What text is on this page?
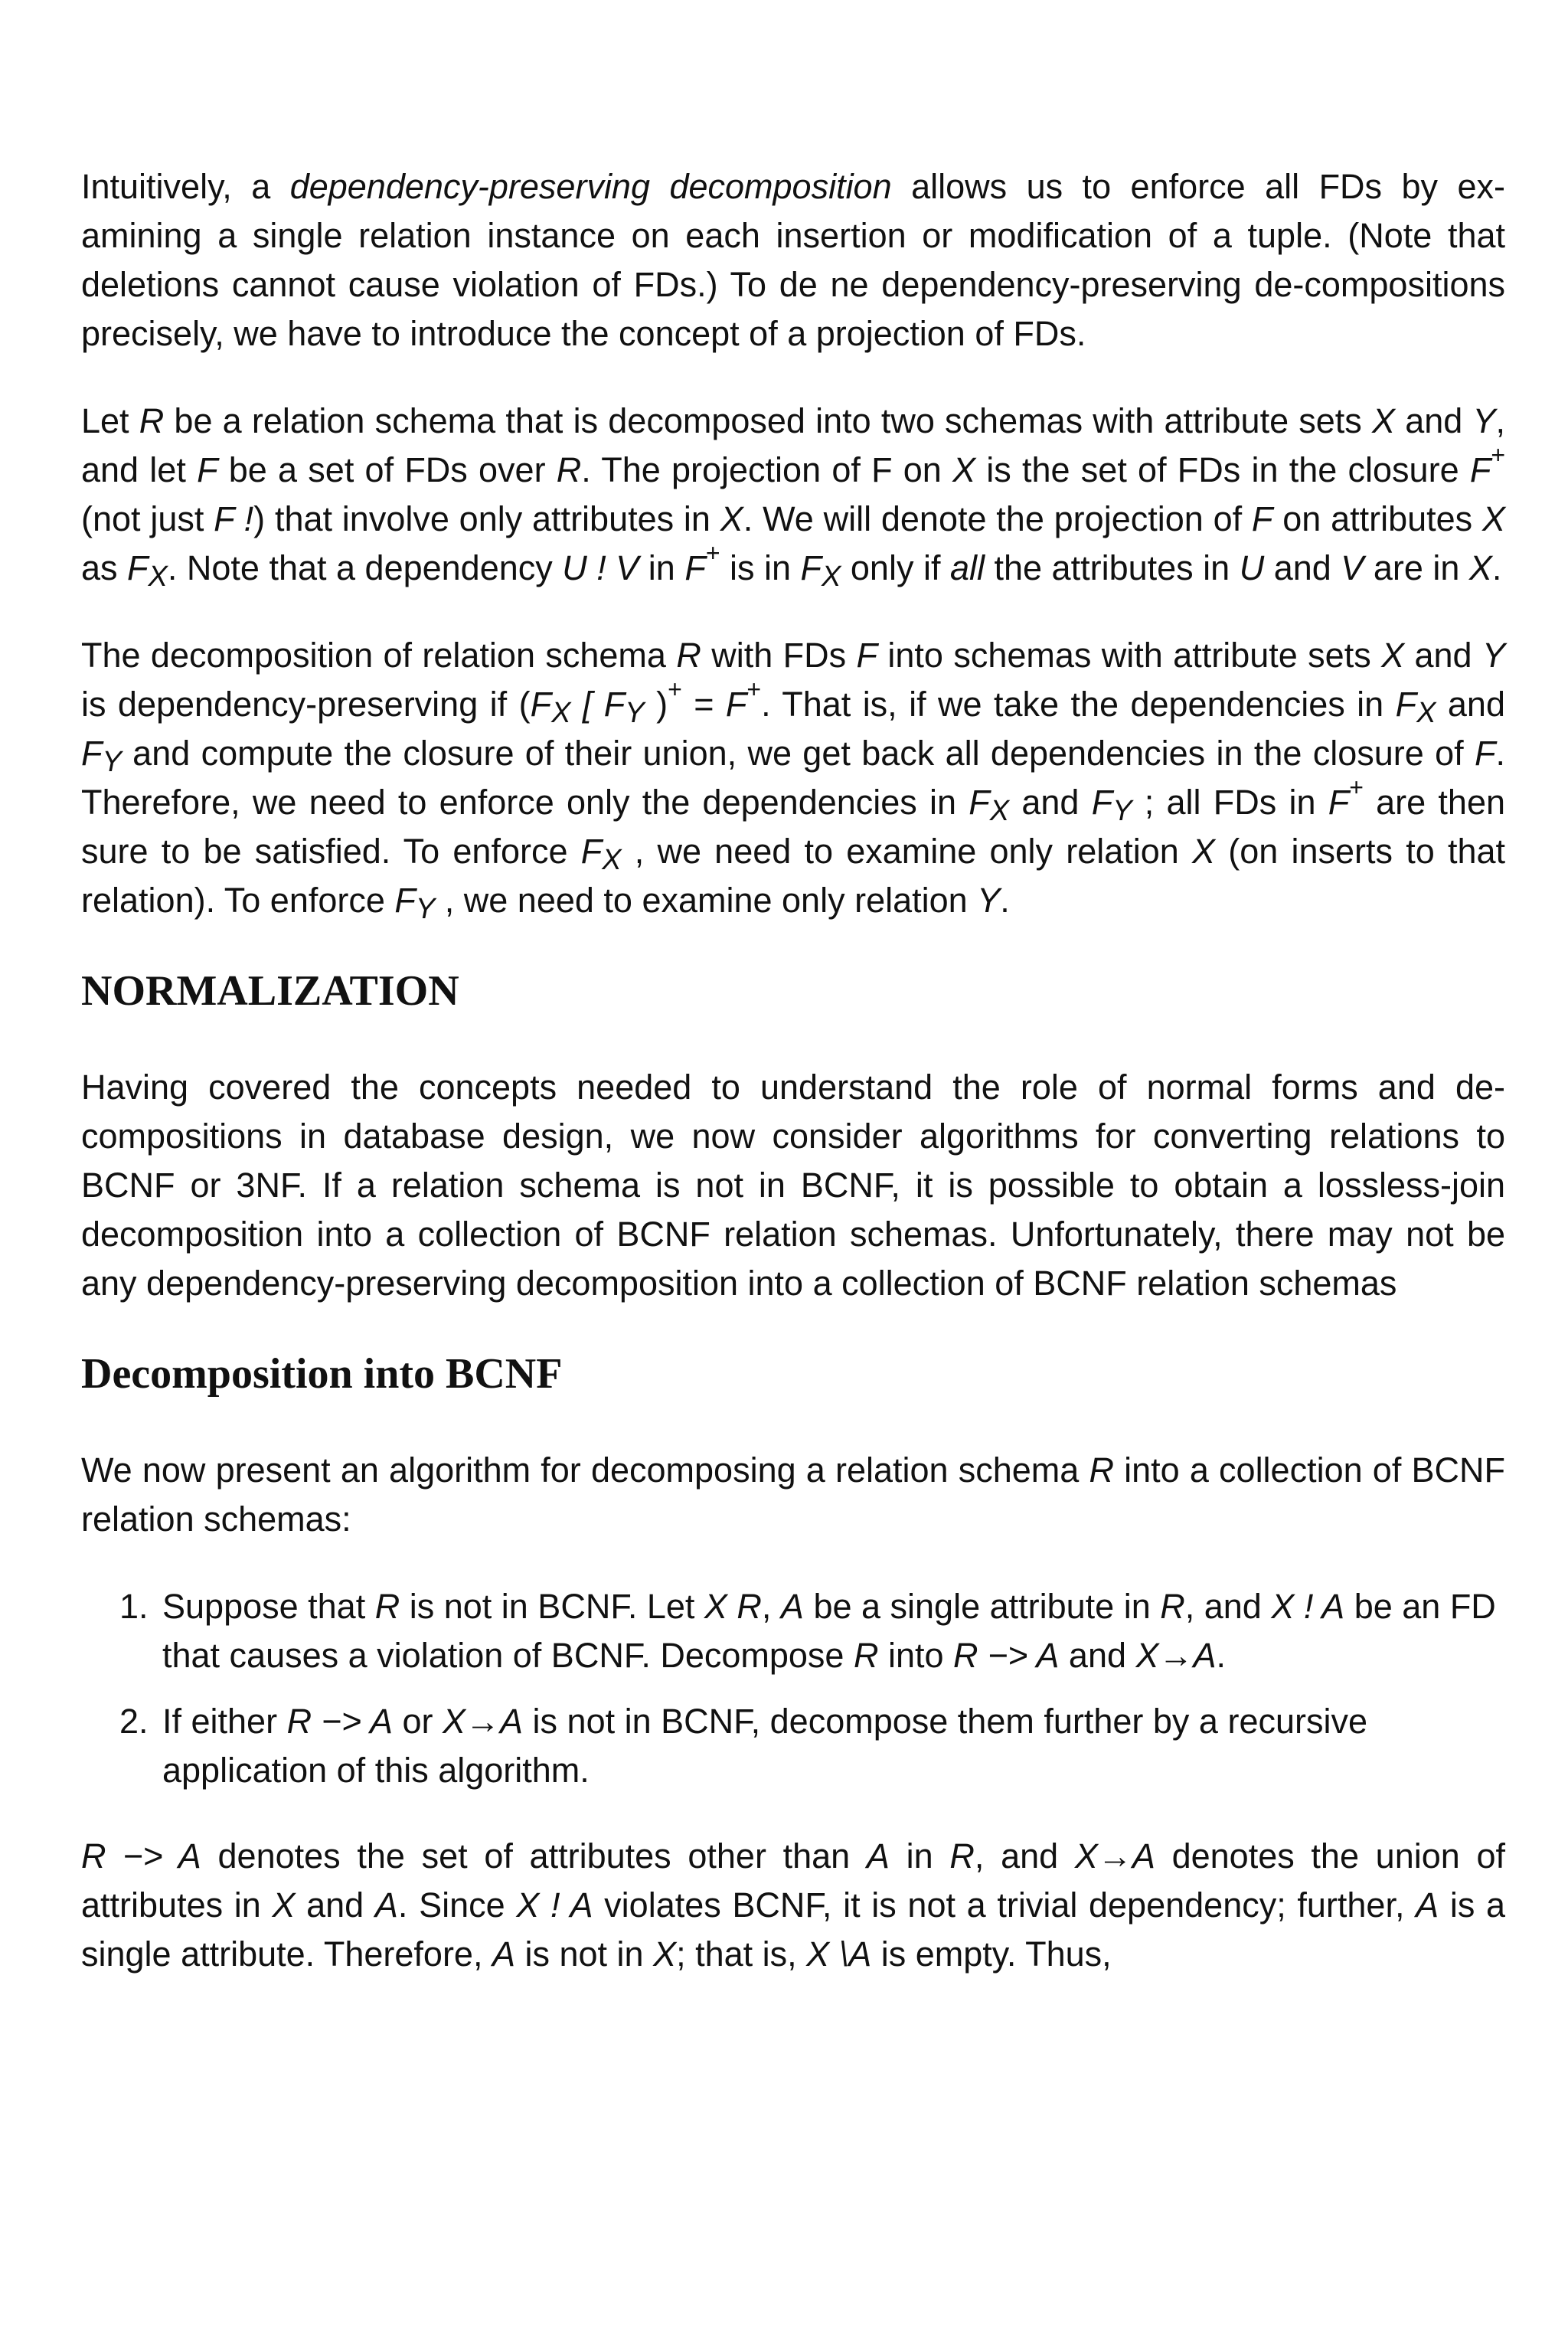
Intuitively, a dependency-preserving decomposition allows us to enforce all FDs by ex-amining a single relation instance on each insertion or modification of a tuple. (Note that deletions cannot cause violation of FDs.) To de ne dependency-preserving de-compositions precisely, we have to introduce the concept of a projection of FDs.

Let R be a relation schema that is decomposed into two schemas with attribute sets X and Y, and let F be a set of FDs over R. The projection of F on X is the set of FDs in the closure F+ (not just F !) that involve only attributes in X. We will denote the projection of F on attributes X as $F_X$. Note that a dependency U ! V in F+ is in $F_X$ only if all the attributes in U and V are in X.

The decomposition of relation schema R with FDs F into schemas with attribute sets X and Y is dependency-preserving if ($F_X$ [ $F_Y$ )+ = F+. That is, if we take the dependencies in $F_X$ and $F_Y$ and compute the closure of their union, we get back all dependencies in the closure of F. Therefore, we need to enforce only the dependencies in $F_X$ and $F_Y$ ; all FDs in F+ are then sure to be satisfied. To enforce $F_X$ , we need to examine only relation X (on inserts to that relation). To enforce $F_Y$ , we need to examine only relation Y.

NORMALIZATION

Having covered the concepts needed to understand the role of normal forms and de-compositions in database design, we now consider algorithms for converting relations to BCNF or 3NF. If a relation schema is not in BCNF, it is possible to obtain a lossless-join decomposition into a collection of BCNF relation schemas. Unfortunately, there may not be any dependency-preserving decomposition into a collection of BCNF relation schemas

Decomposition into BCNF

We now present an algorithm for decomposing a relation schema R into a collection of BCNF relation schemas:

1. Suppose that R is not in BCNF. Let X R, A be a single attribute in R, and X ! A be an FD that causes a violation of BCNF. Decompose R into R −> A and X→A.
2. If either R −> A or X→A is not in BCNF, decompose them further by a recursive application of this algorithm.

R −> A denotes the set of attributes other than A in R, and X→A denotes the union of attributes in X and A. Since X ! A violates BCNF, it is not a trivial dependency; further, A is a single attribute. Therefore, A is not in X; that is, X \A is empty. Thus,
